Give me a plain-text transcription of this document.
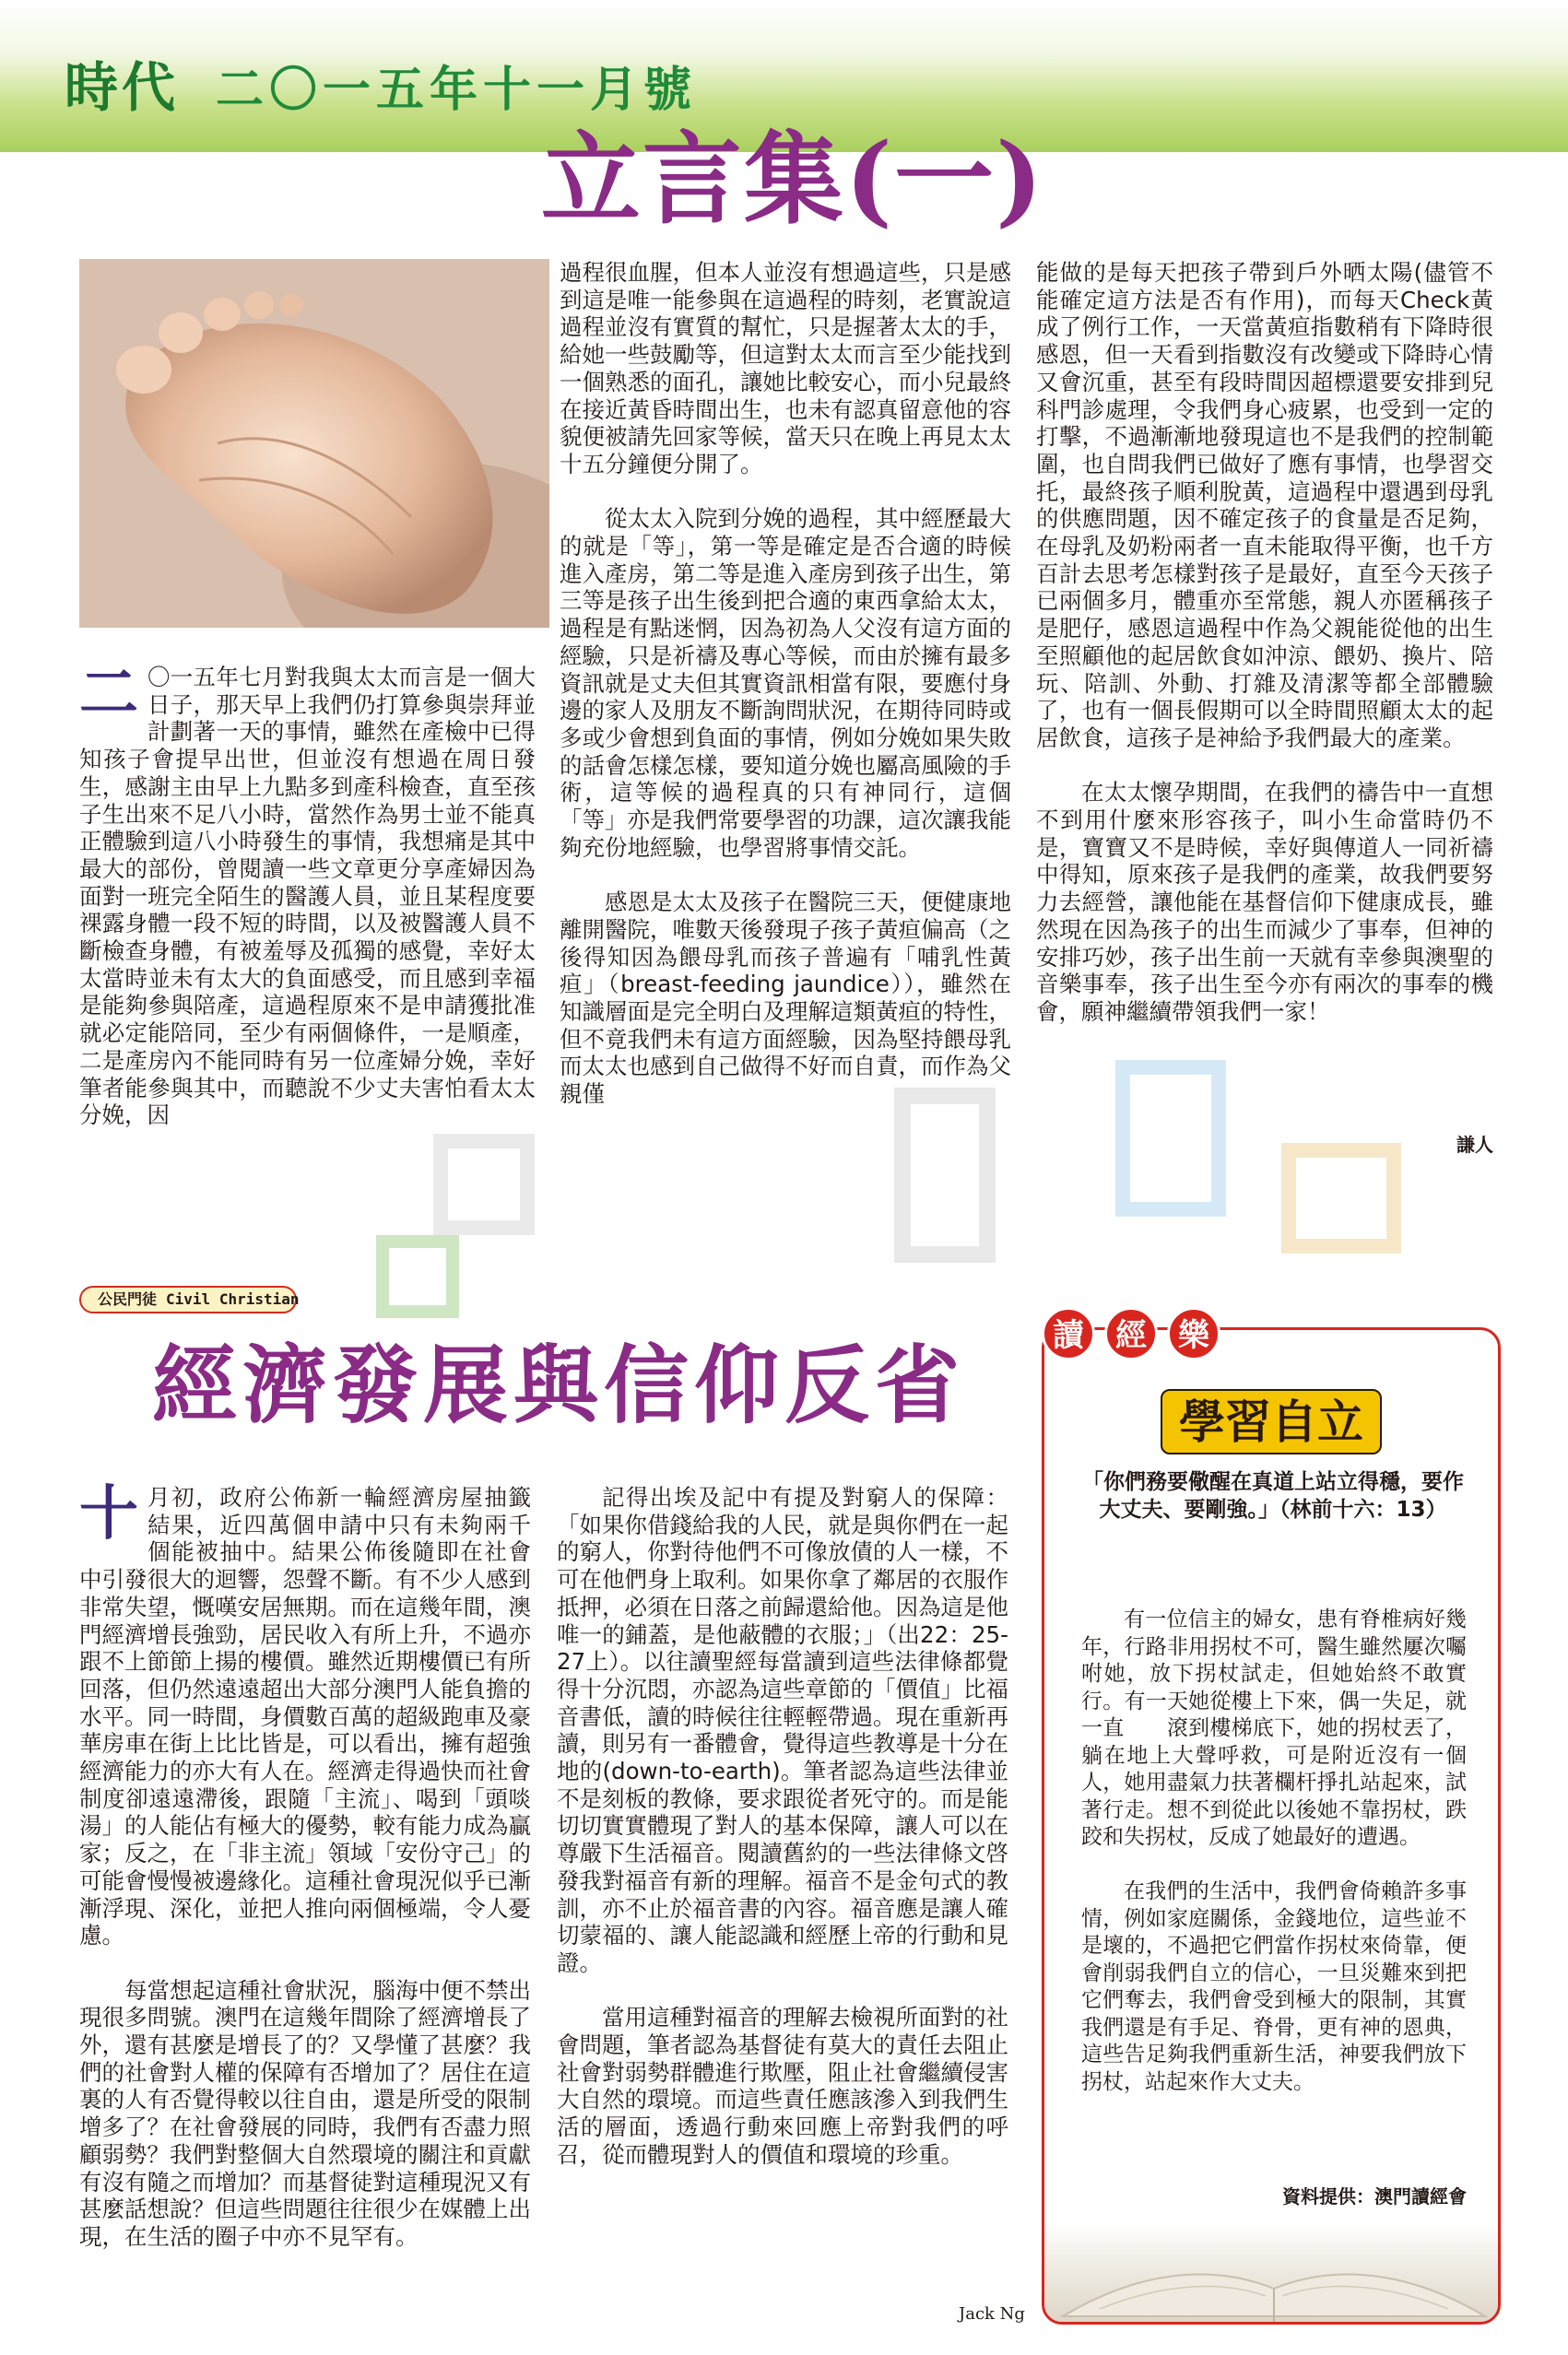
時代 二〇一五年十一月號
立言集(一)
二 〇一五年七月對我與太太而言是一個大日子，那天早上我們仍打算參與崇拜並計劃著一天的事情，雖然在產檢中已得知孩子會提早出世，但並沒有想過在周日發生，感謝主由早上九點多到產科檢查，直至孩子生出來不足八小時，當然作為男士並不能真正體驗到這八小時發生的事情，我想痛是其中最大的部份，曾閱讀一些文章更分享產婦因為面對一班完全陌生的醫護人員，並且某程度要裸露身體一段不短的時間，以及被醫護人員不斷檢查身體，有被羞辱及孤獨的感覺，幸好太太當時並未有太大的負面感受，而且感到幸福是能夠參與陪產，這過程原來不是申請獲批准就必定能陪同，至少有兩個條件，一是順產，二是產房內不能同時有另一位產婦分娩，幸好筆者能參與其中，而聽說不少丈夫害怕看太太分娩，因

過程很血腥，但本人並沒有想過這些，只是感到這是唯一能參與在這過程的時刻，老實說這過程並沒有實質的幫忙，只是握著太太的手，給她一些鼓勵等，但這對太太而言至少能找到一個熟悉的面孔，讓她比較安心，而小兒最終在接近黃昏時間出生，也未有認真留意他的容貌便被請先回家等候，當天只在晚上再見太太十五分鐘便分開了。

從太太入院到分娩的過程，其中經歷最大的就是「等」，第一等是確定是否合適的時候進入產房，第二等是進入產房到孩子出生，第三等是孩子出生後到把合適的東西拿給太太，過程是有點迷惘，因為初為人父沒有這方面的經驗，只是祈禱及專心等候，而由於擁有最多資訊就是丈夫但其實資訊相當有限，要應付身邊的家人及朋友不斷詢問狀況，在期待同時或多或少會想到負面的事情，例如分娩如果失敗的話會怎樣怎樣，要知道分娩也屬高風險的手術，這等候的過程真的只有神同行，這個「等」亦是我們常要學習的功課，這次讓我能夠充份地經驗，也學習將事情交託。

感恩是太太及孩子在醫院三天，便健康地離開醫院，唯數天後發現子孩子黃疸偏高（之後得知因為餵母乳而孩子普遍有「哺乳性黃疸」（breast-feeding jaundice）），雖然在知識層面是完全明白及理解這類黃疸的特性，但不竟我們未有這方面經驗，因為堅持餵母乳而太太也感到自己做得不好而自責，而作為父親僅

能做的是每天把孩子帶到戶外晒太陽(儘管不能確定這方法是否有作用)，而每天Check黃成了例行工作，一天當黃疸指數稍有下降時很感恩，但一天看到指數沒有改變或下降時心情又會沉重，甚至有段時間因超標還要安排到兒科門診處理，令我們身心疲累，也受到一定的打擊，不過漸漸地發現這也不是我們的控制範圍，也自問我們已做好了應有事情，也學習交托，最終孩子順利脫黃，這過程中還遇到母乳的供應問題，因不確定孩子的食量是否足夠，在母乳及奶粉兩者一直未能取得平衡，也千方百計去思考怎樣對孩子是最好，直至今天孩子已兩個多月，體重亦至常態，親人亦匿稱孩子是肥仔，感恩這過程中作為父親能從他的出生至照顧他的起居飲食如沖涼、餵奶、換片、陪玩、陪訓、外動、打雜及清潔等都全部體驗了，也有一個長假期可以全時間照顧太太的起居飲食，這孩子是神給予我們最大的產業。

在太太懷孕期間，在我們的禱告中一直想不到用什麼來形容孩子，叫小生命當時仍不是，寶寶又不是時候，幸好與傳道人一同祈禱中得知，原來孩子是我們的產業，故我們要努力去經營，讓他能在基督信仰下健康成長，雖然現在因為孩子的出生而減少了事奉，但神的安排巧妙，孩子出生前一天就有幸參與澳聖的音樂事奉，孩子出生至今亦有兩次的事奉的機會，願神繼續帶領我們一家！

謙人
公民門徒 Civil Christian
經濟發展與信仰反省
十 月初，政府公佈新一輪經濟房屋抽籤結果，近四萬個申請中只有未夠兩千個能被抽中。結果公佈後隨即在社會中引發很大的迴響，怨聲不斷。有不少人感到非常失望，慨嘆安居無期。而在這幾年間，澳門經濟增長強勁，居民收入有所上升，不過亦跟不上節節上揚的樓價。雖然近期樓價已有所回落，但仍然遠遠超出大部分澳門人能負擔的水平。同一時間，身價數百萬的超級跑車及豪華房車在街上比比皆是，可以看出，擁有超強經濟能力的亦大有人在。經濟走得過快而社會制度卻遠遠滯後，跟隨「主流」、喝到「頭啖湯」的人能佔有極大的優勢，較有能力成為贏家；反之，在「非主流」領域「安份守己」的可能會慢慢被邊緣化。這種社會現況似乎已漸漸浮現、深化，並把人推向兩個極端，令人憂慮。

每當想起這種社會狀況，腦海中便不禁出現很多問號。澳門在這幾年間除了經濟增長了外，還有甚麼是增長了的？又學懂了甚麼？我們的社會對人權的保障有否增加了？居住在這裏的人有否覺得較以往自由，還是所受的限制增多了？在社會發展的同時，我們有否盡力照顧弱勢？我們對整個大自然環境的關注和貢獻有沒有隨之而增加？而基督徒對這種現況又有甚麼話想說？但這些問題往往很少在媒體上出現，在生活的圈子中亦不見罕有。

記得出埃及記中有提及對窮人的保障：「如果你借錢給我的人民，就是與你們在一起的窮人，你對待他們不可像放債的人一樣，不可在他們身上取利。如果你拿了鄰居的衣服作抵押，必須在日落之前歸還給他。因為這是他唯一的鋪蓋，是他蔽體的衣服；」（出22：25-27上）。以往讀聖經每當讀到這些法律條都覺得十分沉悶，亦認為這些章節的「價值」比福音書低，讀的時候往往輕輕帶過。現在重新再讀，則另有一番體會，覺得這些教導是十分在地的(down-to-earth)。筆者認為這些法律並不是刻板的教條，要求跟從者死守的。而是能切切實實體現了對人的基本保障，讓人可以在尊嚴下生活福音。閱讀舊約的一些法律條文啓發我對福音有新的理解。福音不是金句式的教訓，亦不止於福音書的內容。福音應是讓人確切蒙福的、讓人能認識和經歷上帝的行動和見證。

當用這種對福音的理解去檢視所面對的社會問題，筆者認為基督徒有莫大的責任去阻止社會對弱勢群體進行欺壓，阻止社會繼續侵害大自然的環境。而這些責任應該滲入到我們生活的層面，透過行動來回應上帝對我們的呼召，從而體現對人的價值和環境的珍重。

Jack Ng
學習自立
「你們務要儆醒在真道上站立得穩，要作大丈夫、要剛強。」（林前十六：13）

有一位信主的婦女，患有脊椎病好幾年，行路非用拐杖不可，醫生雖然屢次囑咐她，放下拐杖試走，但她始終不敢實行。有一天她從樓上下來，偶一失足，就一直　　滾到樓梯底下，她的拐杖丟了，躺在地上大聲呼救，可是附近沒有一個人，她用盡氣力扶著欄杆掙扎站起來，試著行走。想不到從此以後她不靠拐杖，跌跤和失拐杖，反成了她最好的遭遇。

在我們的生活中，我們會倚賴許多事情，例如家庭關係，金錢地位，這些並不是壞的，不過把它們當作拐杖來倚靠，便會削弱我們自立的信心，一旦災難來到把它們奪去，我們會受到極大的限制，其實我們還是有手足、脊骨，更有神的恩典，這些告足夠我們重新生活，神要我們放下拐杖，站起來作大丈夫。

資料提供：澳門讀經會
讀	經	樂
